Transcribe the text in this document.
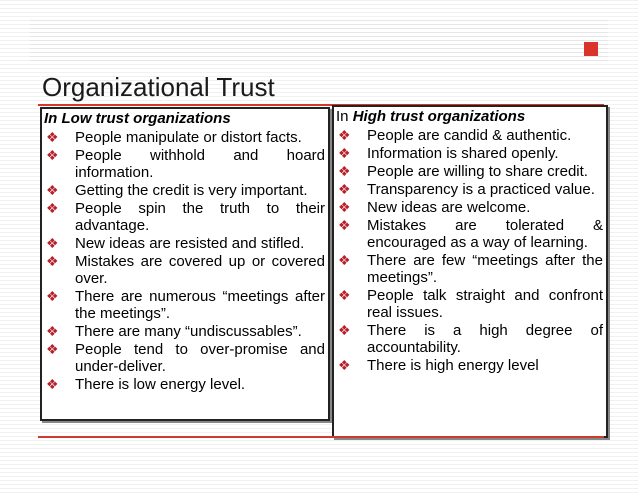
Organizational Trust
In Low trust organizations
❖ People manipulate or distort facts.
❖ People withhold and hoard information.
❖ Getting the credit is very important.
❖ People spin the truth to their advantage.
❖ New ideas are resisted and stifled.
❖ Mistakes are covered up or covered over.
❖ There are numerous “meetings after the meetings”.
❖ There are many “undiscussables”.
❖ People tend to over-promise and under-deliver.
❖ There is low energy level.
In High trust organizations
❖ People are candid & authentic.
❖ Information is shared openly.
❖ People are willing to share credit.
❖ Transparency is a practiced value.
❖ New ideas are welcome.
❖ Mistakes are tolerated & encouraged as a way of learning.
❖ There are few “meetings after the meetings”.
❖ People talk straight and confront real issues.
❖ There is a high degree of accountability.
❖ There is high energy level
